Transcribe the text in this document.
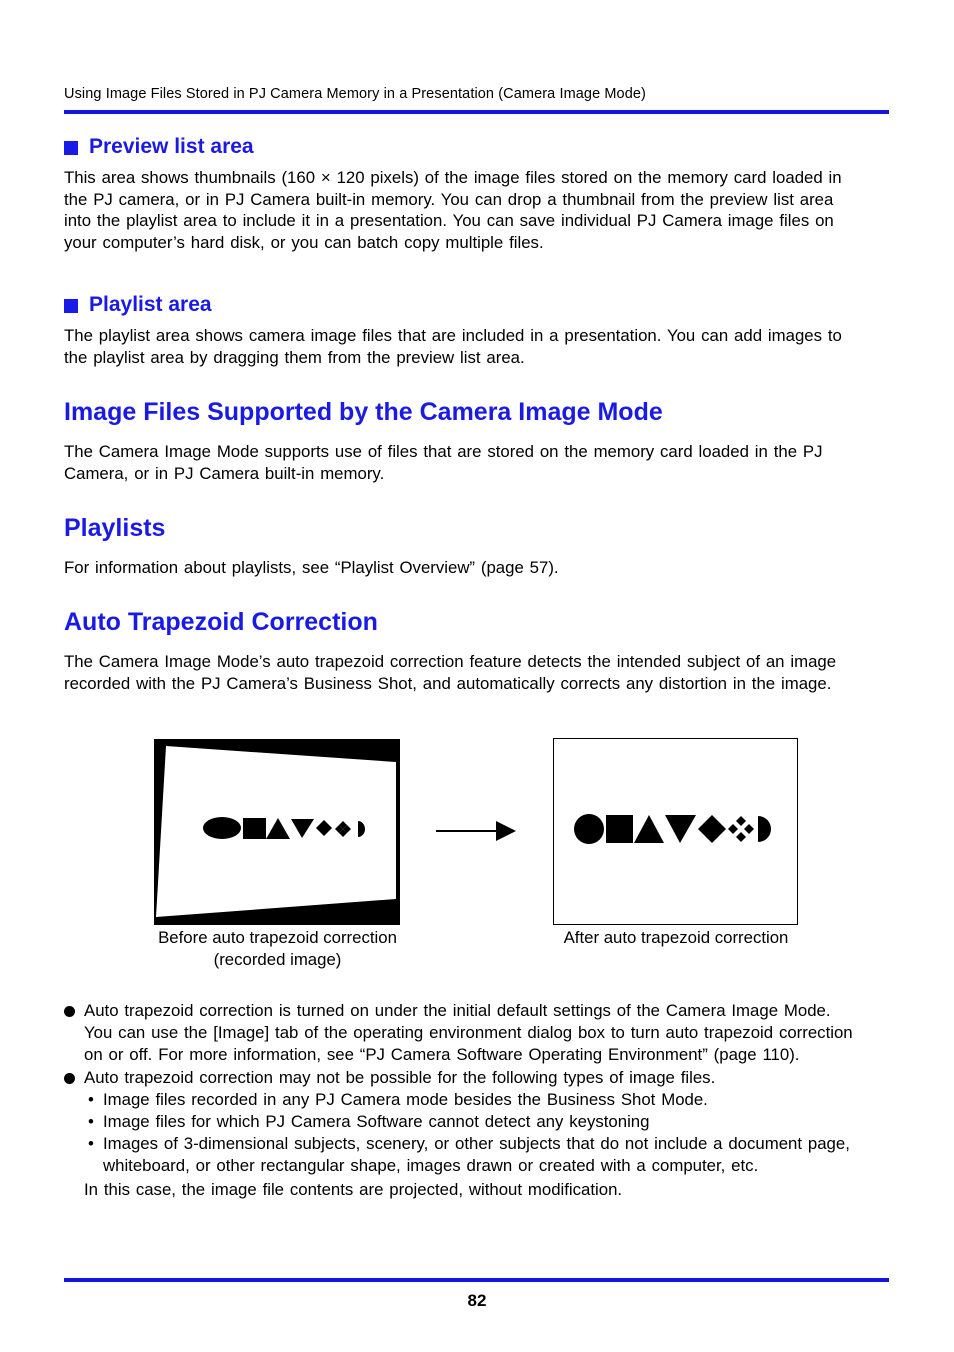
Using Image Files Stored in PJ Camera Memory in a Presentation (Camera Image Mode)
Preview list area
This area shows thumbnails (160 × 120 pixels) of the image files stored on the memory card loaded in the PJ camera, or in PJ Camera built-in memory. You can drop a thumbnail from the preview list area into the playlist area to include it in a presentation. You can save individual PJ Camera image files on your computer’s hard disk, or you can batch copy multiple files.
Playlist area
The playlist area shows camera image files that are included in a presentation. You can add images to the playlist area by dragging them from the preview list area.
Image Files Supported by the Camera Image Mode
The Camera Image Mode supports use of files that are stored on the memory card loaded in the PJ Camera, or in PJ Camera built-in memory.
Playlists
For information about playlists, see “Playlist Overview” (page 57).
Auto Trapezoid Correction
The Camera Image Mode’s auto trapezoid correction feature detects the intended subject of an image recorded with the PJ Camera’s Business Shot, and automatically corrects any distortion in the image.
Before auto trapezoid correction
(recorded image)
After auto trapezoid correction
Auto trapezoid correction is turned on under the initial default settings of the Camera Image Mode. You can use the [Image] tab of the operating environment dialog box to turn auto trapezoid correction on or off. For more information, see “PJ Camera Software Operating Environment” (page 110).
Auto trapezoid correction may not be possible for the following types of image files.
• Image files recorded in any PJ Camera mode besides the Business Shot Mode.
• Image files for which PJ Camera Software cannot detect any keystoning
• Images of 3-dimensional subjects, scenery, or other subjects that do not include a document page, whiteboard, or other rectangular shape, images drawn or created with a computer, etc.
In this case, the image file contents are projected, without modification.
82
